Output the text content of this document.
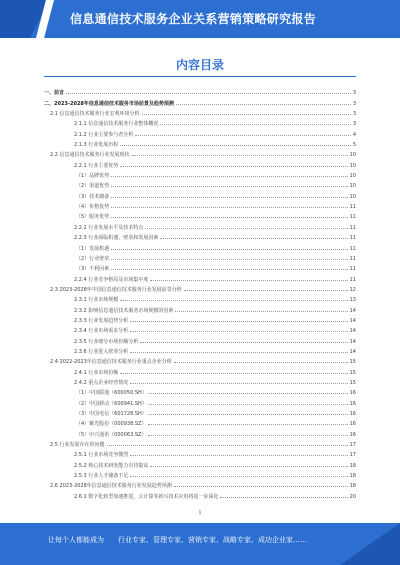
信息通信技术服务企业关系营销策略研究报告
内容目录
一、前言	3
二、2023-2028年信息通信技术服务市场前景及趋势预测	3
2.1 信息通信技术服务行业宏观环境分析	3
2.1.1 信息通信技术服务行业整体概况	3
2.1.2 行业主要参与者分析	4
2.1.3 行业发展历程	5
2.2 信息通信技术服务行业发展现状	10
2.2.1 行业主要优势	10
（1）品牌优势	10
（2）渠道优势	10
（3）技术储备	10
（4）价格优势	11
（5）服务优势	11
2.2.2 行业发展水平及技术特点	11
2.2.3 行业面临机遇、壁垒和发展因素	11
（1）发展机遇	11
（2）行业壁垒	11
（3）不利因素	11
2.2.4 行业竞争格局及市场集中度	11
2.3 2023-2028年中国信息通信技术服务行业发展前景分析	12
2.3.1 行业市场规模	13
2.3.2 影响信息通信技术服务市场规模的因素	14
2.3.3 行业发展趋势分析	14
2.3.4 行业市场需求分析	14
2.3.5 行业细分市场份额分析	14
2.3.6 行业进入壁垒分析	14
2.4 2022-2023年信息通信技术服务行业重点企业分析	15
2.4.1 行业市场份额	15
2.4.2 重点企业经营情况	15
（1）中国联通（600050.SH）	16
（2）中国移动（600941.SH）	16
（3）中国电信（601728.SH）	16
（4）紫光股份（000938.SZ）	16
（5）中兴通讯（000063.SZ）	16
2.5 行业发展存在的问题	17
2.5.1 行业市场竞争激烈	17
2.5.2 核心技术研发能力有待提高	18
2.5.3 行业人才储备不足	18
2.6 2023-2028年信息通信技术服务行业发展趋势预测	18
2.6.1 数字化转型加速推进，云计算等新兴技术应用将进一步深化	20
1
让每个人都能成为 行业专家、管理专家、营销专家、战略专家、成功企业家……
